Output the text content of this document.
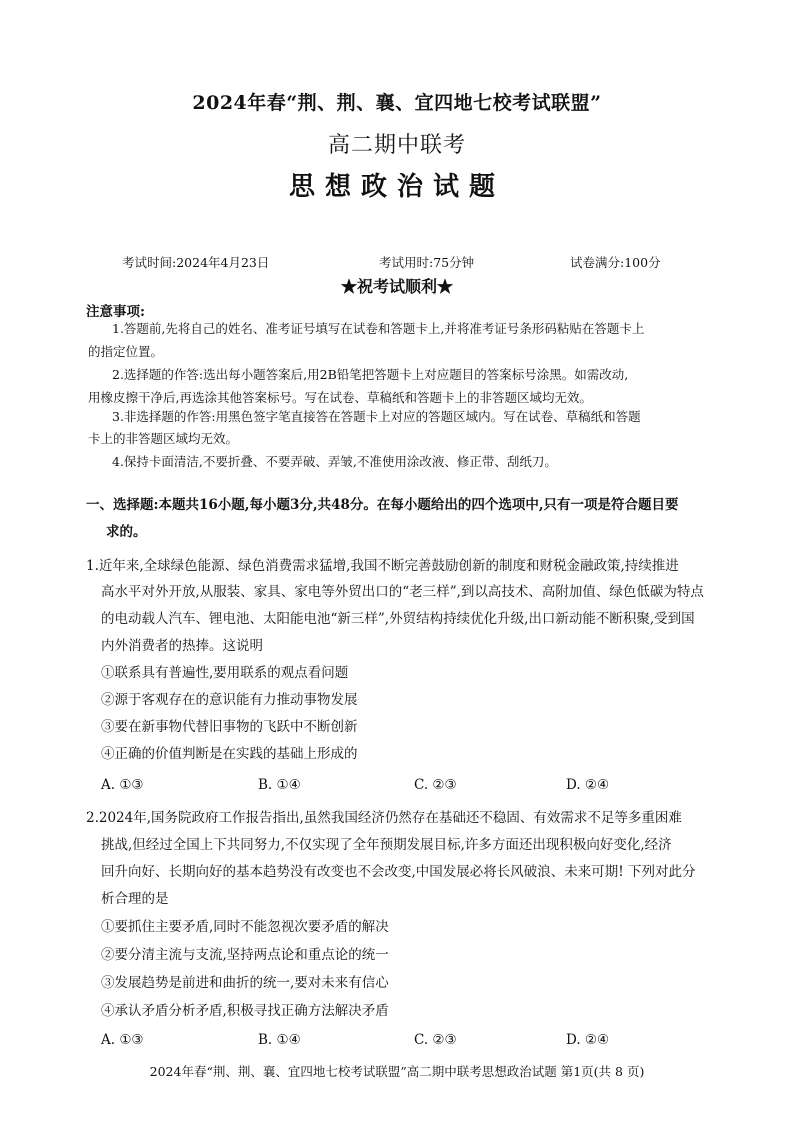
2024年春“荆、荆、襄、宜四地七校考试联盟”
高二期中联考
思想政治试题
考试时间:2024年4月23日	考试用时:75分钟	试卷满分:100分
★祝考试顺利★
注意事项:
1.答题前,先将自己的姓名、准考证号填写在试卷和答题卡上,并将准考证号条形码粘贴在答题卡上
的指定位置。
2.选择题的作答:选出每小题答案后,用2B铅笔把答题卡上对应题目的答案标号涂黑。如需改动,
用橡皮擦干净后,再选涂其他答案标号。写在试卷、草稿纸和答题卡上的非答题区域均无效。
3.非选择题的作答:用黑色签字笔直接答在答题卡上对应的答题区域内。写在试卷、草稿纸和答题
卡上的非答题区域均无效。
4.保持卡面清洁,不要折叠、不要弄破、弄皱,不准使用涂改液、修正带、刮纸刀。
一、选择题:本题共16小题,每小题3分,共48分。在每小题给出的四个选项中,只有一项是符合题目要
求的。
1.近年来,全球绿色能源、绿色消费需求猛增,我国不断完善鼓励创新的制度和财税金融政策,持续推进
高水平对外开放,从服装、家具、家电等外贸出口的“老三样”,到以高技术、高附加值、绿色低碳为特点
的电动载人汽车、锂电池、太阳能电池“新三样”,外贸结构持续优化升级,出口新动能不断积聚,受到国
内外消费者的热捧。这说明
①联系具有普遍性,要用联系的观点看问题
②源于客观存在的意识能有力推动事物发展
③要在新事物代替旧事物的飞跃中不断创新
④正确的价值判断是在实践的基础上形成的
A. ①③	B. ①④	C. ②③	D. ②④
2.2024年,国务院政府工作报告指出,虽然我国经济仍然存在基础还不稳固、有效需求不足等多重困难
挑战,但经过全国上下共同努力,不仅实现了全年预期发展目标,许多方面还出现积极向好变化,经济
回升向好、长期向好的基本趋势没有改变也不会改变,中国发展必将长风破浪、未来可期! 下列对此分
析合理的是
①要抓住主要矛盾,同时不能忽视次要矛盾的解决
②要分清主流与支流,坚持两点论和重点论的统一
③发展趋势是前进和曲折的统一,要对未来有信心
④承认矛盾分析矛盾,积极寻找正确方法解决矛盾
A. ①③	B. ①④	C. ②③	D. ②④
2024年春“荆、荆、襄、宜四地七校考试联盟”高二期中联考思想政治试题 第1页(共 8 页)
